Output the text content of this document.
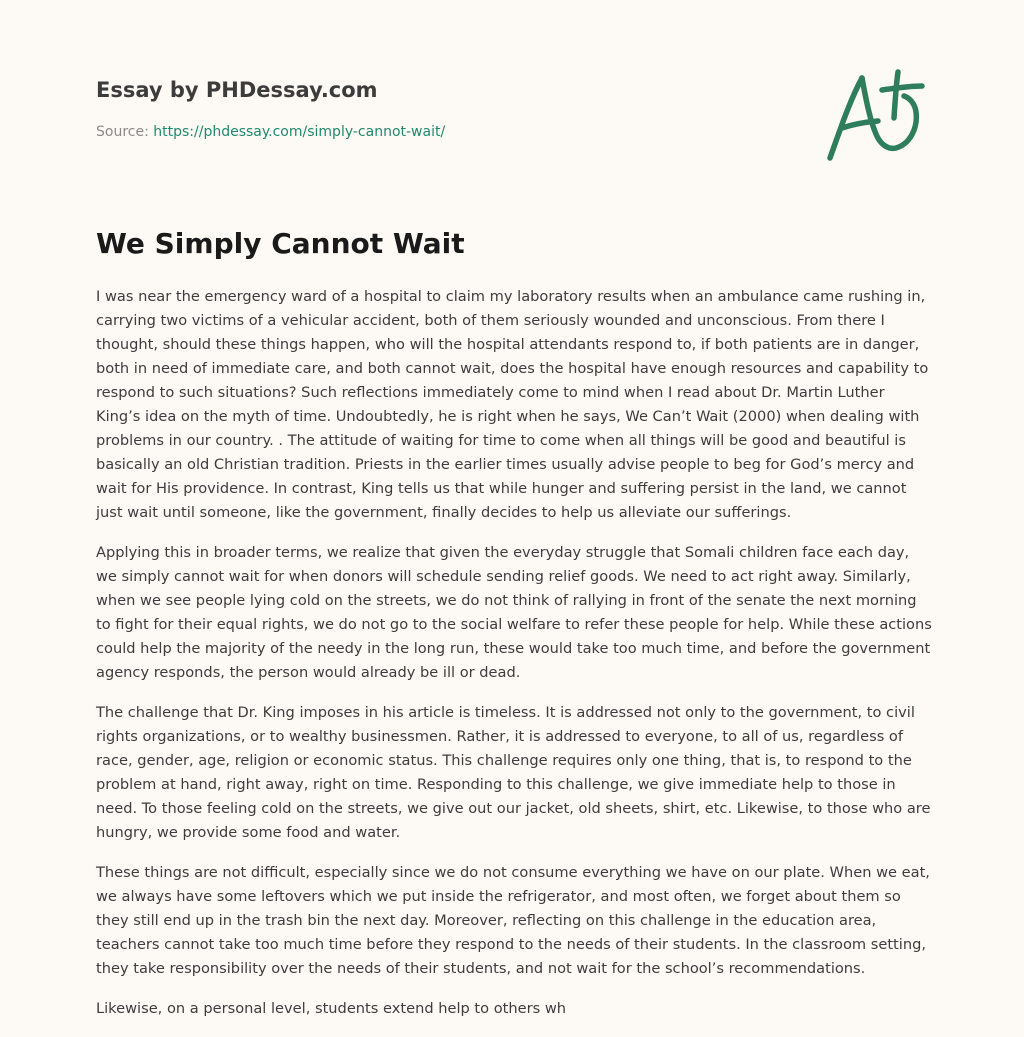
Essay by PHDessay.com
Source: https://phdessay.com/simply-cannot-wait/
We Simply Cannot Wait

I was near the emergency ward of a hospital to claim my laboratory results when an ambulance came rushing in, carrying two victims of a vehicular accident, both of them seriously wounded and unconscious. From there I thought, should these things happen, who will the hospital attendants respond to, if both patients are in danger, both in need of immediate care, and both cannot wait, does the hospital have enough resources and capability to respond to such situations? Such reflections immediately come to mind when I read about Dr. Martin Luther King’s idea on the myth of time. Undoubtedly, he is right when he says, We Can’t Wait (2000) when dealing with problems in our country. . The attitude of waiting for time to come when all things will be good and beautiful is basically an old Christian tradition. Priests in the earlier times usually advise people to beg for God’s mercy and wait for His providence. In contrast, King tells us that while hunger and suffering persist in the land, we cannot just wait until someone, like the government, finally decides to help us alleviate our sufferings.

Applying this in broader terms, we realize that given the everyday struggle that Somali children face each day, we simply cannot wait for when donors will schedule sending relief goods. We need to act right away. Similarly, when we see people lying cold on the streets, we do not think of rallying in front of the senate the next morning to fight for their equal rights, we do not go to the social welfare to refer these people for help. While these actions could help the majority of the needy in the long run, these would take too much time, and before the government agency responds, the person would already be ill or dead.

The challenge that Dr. King imposes in his article is timeless. It is addressed not only to the government, to civil rights organizations, or to wealthy businessmen. Rather, it is addressed to everyone, to all of us, regardless of race, gender, age, religion or economic status. This challenge requires only one thing, that is, to respond to the problem at hand, right away, right on time. Responding to this challenge, we give immediate help to those in need. To those feeling cold on the streets, we give out our jacket, old sheets, shirt, etc. Likewise, to those who are hungry, we provide some food and water.

These things are not difficult, especially since we do not consume everything we have on our plate. When we eat, we always have some leftovers which we put inside the refrigerator, and most often, we forget about them so they still end up in the trash bin the next day. Moreover, reflecting on this challenge in the education area, teachers cannot take too much time before they respond to the needs of their students. In the classroom setting, they take responsibility over the needs of their students, and not wait for the school’s recommendations.

Likewise, on a personal level, students extend help to others wh
